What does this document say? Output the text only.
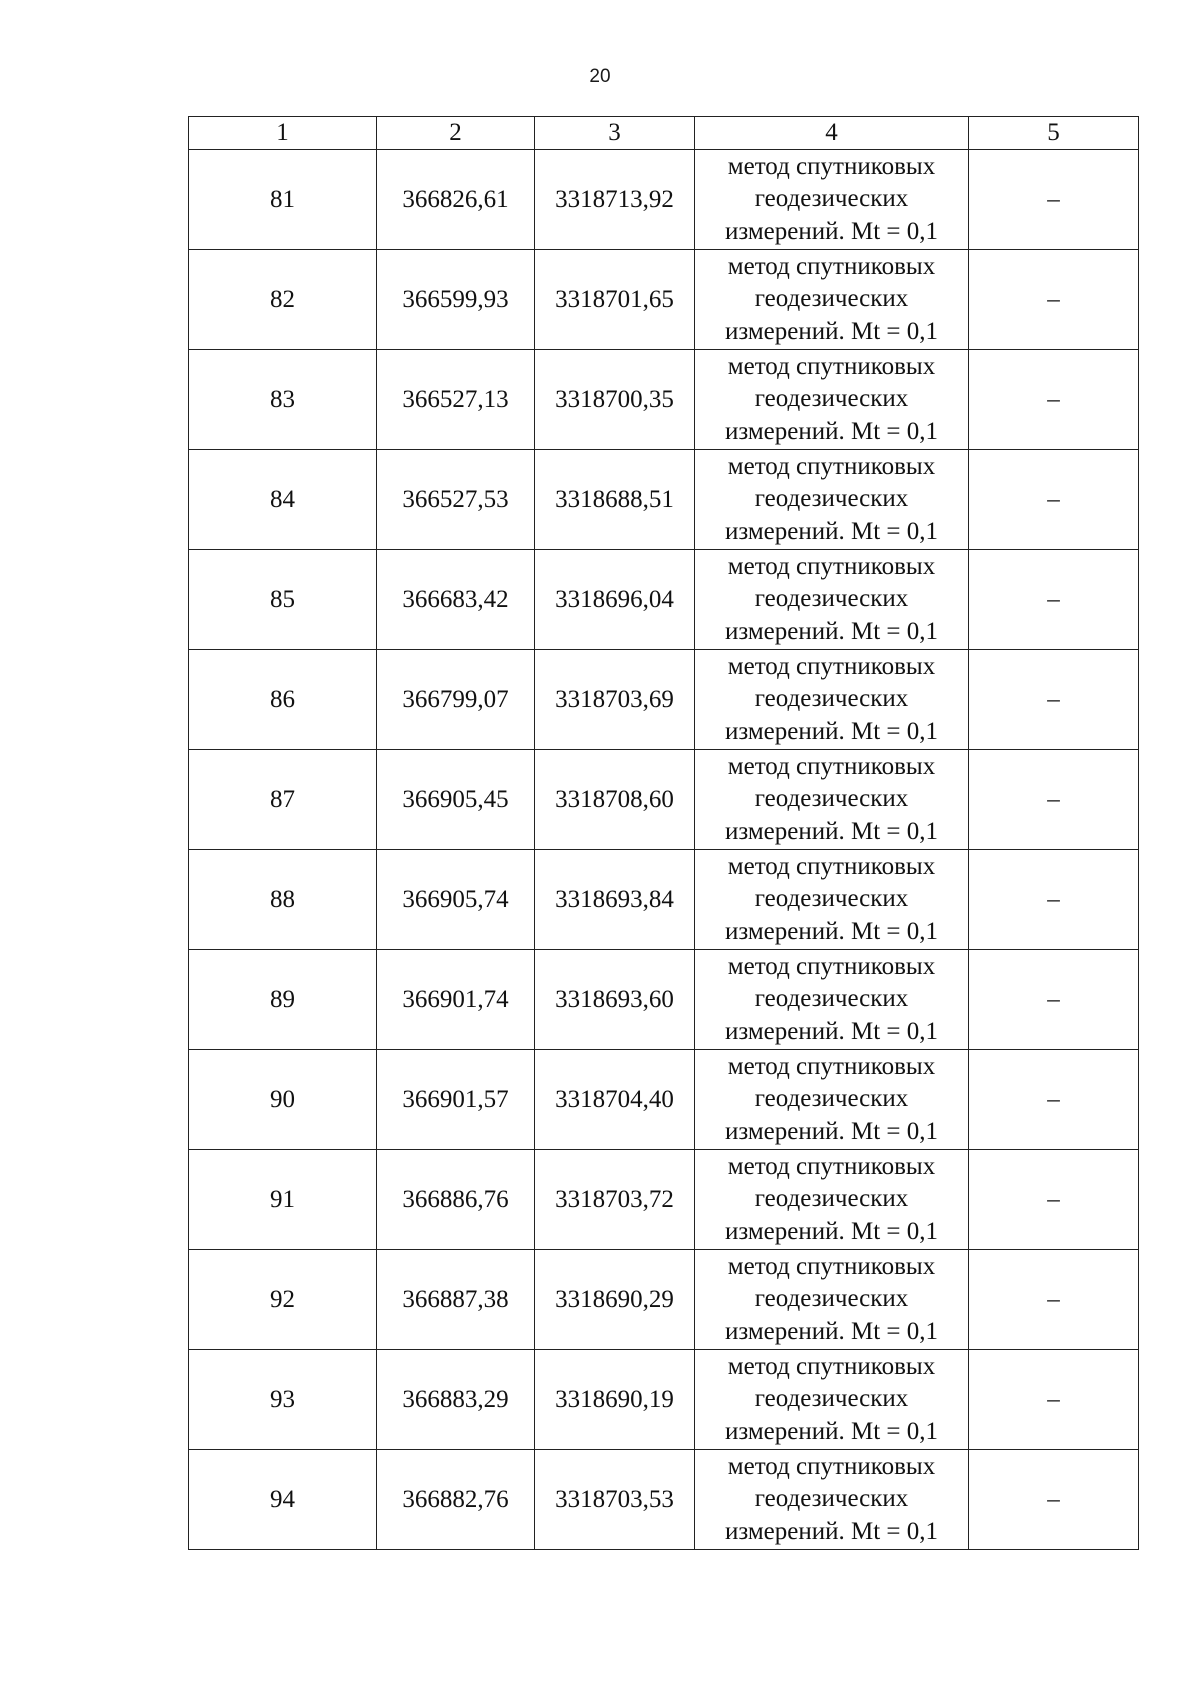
20
1	2	3	4	5
81	366826,61	3318713,92	метод спутниковых
геодезических
измерений. Mt = 0,1	–
82	366599,93	3318701,65	метод спутниковых
геодезических
измерений. Mt = 0,1	–
83	366527,13	3318700,35	метод спутниковых
геодезических
измерений. Mt = 0,1	–
84	366527,53	3318688,51	метод спутниковых
геодезических
измерений. Mt = 0,1	–
85	366683,42	3318696,04	метод спутниковых
геодезических
измерений. Mt = 0,1	–
86	366799,07	3318703,69	метод спутниковых
геодезических
измерений. Mt = 0,1	–
87	366905,45	3318708,60	метод спутниковых
геодезических
измерений. Mt = 0,1	–
88	366905,74	3318693,84	метод спутниковых
геодезических
измерений. Mt = 0,1	–
89	366901,74	3318693,60	метод спутниковых
геодезических
измерений. Mt = 0,1	–
90	366901,57	3318704,40	метод спутниковых
геодезических
измерений. Mt = 0,1	–
91	366886,76	3318703,72	метод спутниковых
геодезических
измерений. Mt = 0,1	–
92	366887,38	3318690,29	метод спутниковых
геодезических
измерений. Mt = 0,1	–
93	366883,29	3318690,19	метод спутниковых
геодезических
измерений. Mt = 0,1	–
94	366882,76	3318703,53	метод спутниковых
геодезических
измерений. Mt = 0,1	–
